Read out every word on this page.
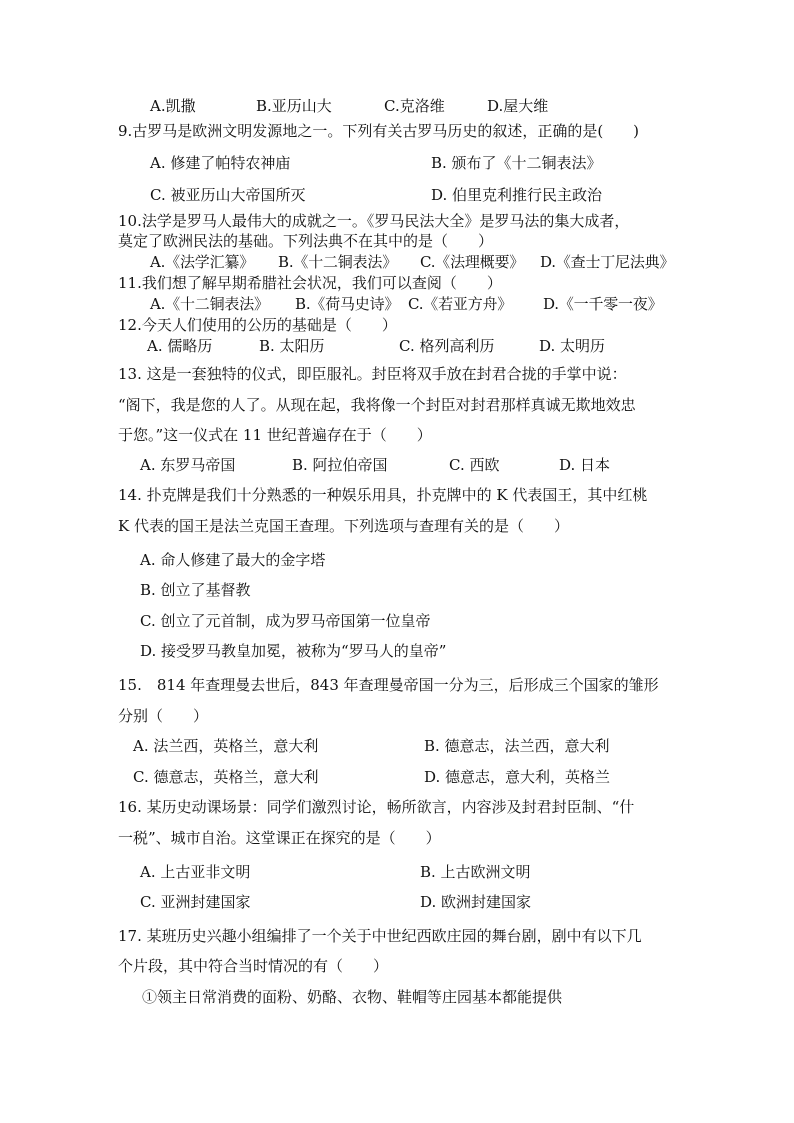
A.凯撒	B.亚历山大	C.克洛维	D.屋大维
9.古罗马是欧洲文明发源地之一。下列有关古罗马历史的叙述，正确的是(　　)
A. 修建了帕特农神庙	B. 颁布了《十二铜表法》
C. 被亚历山大帝国所灭	D. 伯里克利推行民主政治
10.法学是罗马人最伟大的成就之一。《罗马民法大全》是罗马法的集大成者，
莫定了欧洲民法的基础。下列法典不在其中的是（　　）
A.《法学汇纂》 B.《十二铜表法》 C.《法理概要》 D.《查士丁尼法典》
11.我们想了解早期希腊社会状况，我们可以查阅（　　）
A.《十二铜表法》 B.《荷马史诗》 C.《若亚方舟》 D.《一千零一夜》
12.今天人们使用的公历的基础是（　　）
A. 儒略历	B. 太阳历	C. 格列高利历	D. 太明历
13. 这是一套独特的仪式，即臣服礼。封臣将双手放在封君合拢的手掌中说：
“阁下，我是您的人了。从现在起，我将像一个封臣对封君那样真诚无欺地效忠
于您。”这一仪式在 11 世纪普遍存在于（　　）
A. 东罗马帝国	B. 阿拉伯帝国	C. 西欧	D. 日本
14. 扑克牌是我们十分熟悉的一种娱乐用具，扑克牌中的 K 代表国王，其中红桃
K 代表的国王是法兰克国王查理。下列选项与查理有关的是（　　）
A. 命人修建了最大的金字塔
B. 创立了基督教
C. 创立了元首制，成为罗马帝国第一位皇帝
D. 接受罗马教皇加冕，被称为“罗马人的皇帝”
15.　814 年查理曼去世后，843 年查理曼帝国一分为三，后形成三个国家的雏形
分别（　　）
A. 法兰西，英格兰，意大利	B. 德意志，法兰西，意大利
C. 德意志，英格兰，意大利	D. 德意志，意大利，英格兰
16. 某历史动课场景：同学们激烈讨论，畅所欲言，内容涉及封君封臣制、“什
一税”、城市自治。这堂课正在探究的是（　　）
A. 上古亚非文明	B. 上古欧洲文明
C. 亚洲封建国家	D. 欧洲封建国家
17. 某班历史兴趣小组编排了一个关于中世纪西欧庄园的舞台剧，剧中有以下几
个片段，其中符合当时情况的有（　　）
①领主日常消费的面粉、奶酪、衣物、鞋帽等庄园基本都能提供
